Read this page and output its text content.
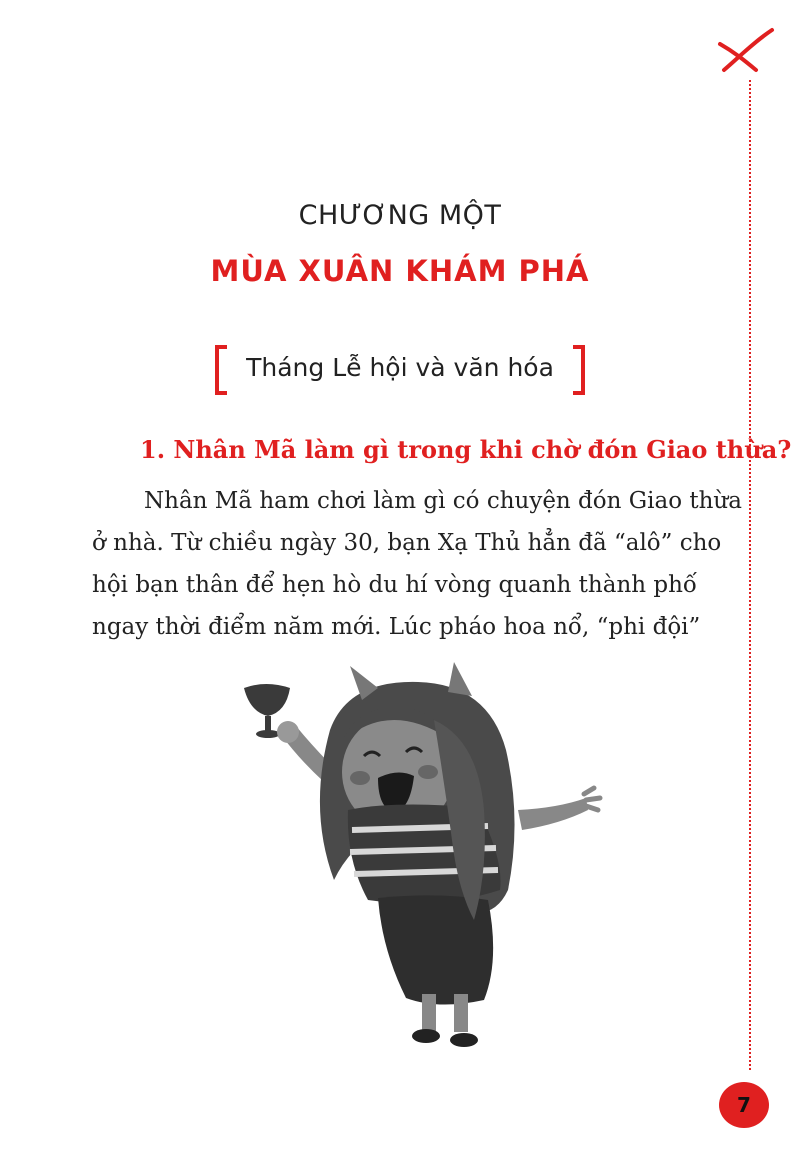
CHƯƠNG MỘT
MÙA XUÂN KHÁM PHÁ
Tháng Lễ hội và văn hóa
1. Nhân Mã làm gì trong khi chờ đón Giao thừa?
Nhân Mã ham chơi làm gì có chuyện đón Giao thừa
ở nhà. Từ chiều ngày 30, bạn Xạ Thủ hẳn đã “alô” cho
hội bạn thân để hẹn hò du hí vòng quanh thành phố
ngay thời điểm năm mới. Lúc pháo hoa nổ, “phi đội”
7
